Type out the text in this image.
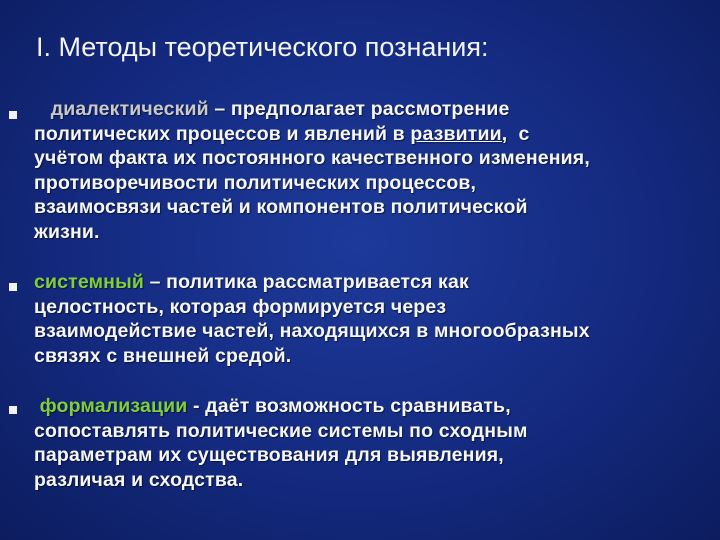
I. Методы теоретического познания:
диалектический – предполагает рассмотрение
политических процессов и явлений в развитии,  с
учётом факта их постоянного качественного изменения,
противоречивости политических процессов,
взаимосвязи частей и компонентов политической
жизни.
системный – политика рассматривается как
целостность, которая формируется через
взаимодействие частей, находящихся в многообразных
связях с внешней средой.
формализации - даёт возможность сравнивать,
сопоставлять политические системы по сходным
параметрам их существования для выявления,
различая и сходства.
